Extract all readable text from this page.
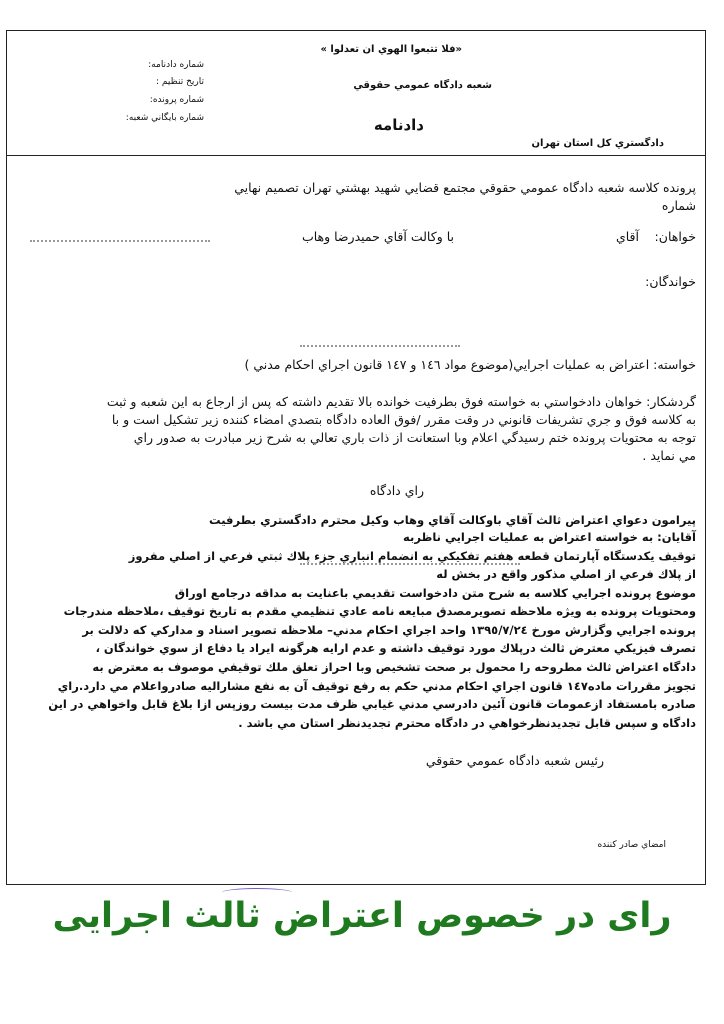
«فلا تتبعوا الهوي ان تعدلوا »
شعبه دادگاه عمومي حقوقي
دادنامه
دادگستري كل استان تهران
شماره دادنامه:
تاريخ تنظيم :
شماره پرونده:
شماره بايگاني شعبه:
پرونده كلاسه شعبه دادگاه عمومي حقوقي مجتمع قضايي شهيد بهشتي تهران تصميم نهايي
شماره
خواهان:
آقاي
با وكالت آقاي حميدرضا وهاب
خواندگان:
خواسته: اعتراض به عمليات اجرايي(موضوع مواد ١٤٦ و ١٤٧ قانون اجراي احكام مدني )
گردشكار: خواهان دادخواستي به خواسته فوق بطرفيت خوانده بالا تقديم داشته كه پس از ارجاع به اين شعبه و ثبت
به كلاسه فوق و جري تشريفات قانوني در وقت مقرر /فوق العاده دادگاه بتصدي امضاء كننده زير تشكيل است و با
توجه به محتويات پرونده ختم رسيدگي اعلام وبا استعانت از ذات باري تعالي به شرح زير مبادرت به صدور راي
مي نمايد .
راي دادگاه
پيرامون دعواي اعتراض ثالث آقاي باوكالت آقاي وهاب وكيل محترم دادگستري بطرفيت
آقايان: به خواسته اعتراض به عمليات اجرايي ناظربه
توقيف يكدستگاه آپارتمان قطعه هفتم تفكيكي به انضمام انباري جزء پلاك ثبتي فرعي از اصلي مفروز
از پلاك فرعي از اصلي مذكور واقع در بخش له
موضوع پرونده اجرايي كلاسه به شرح متن دادخواست تقديمي باعنايت به مداقه درجامع اوراق
ومحتويات پرونده به ويژه ملاحظه تصويرمصدق مبايعه نامه عادي تنظيمي مقدم به تاريخ توقيف ،ملاحظه مندرجات
پرونده اجرايي وگزارش مورخ ١٣٩٥/٧/٢٤ واحد اجراي احكام مدني– ملاحظه تصوير اسناد و مداركي كه دلالت بر
تصرف فيزيكي معترض ثالث درپلاك مورد توقيف داشته و عدم ارايه هرگونه ايراد يا دفاع از سوي خواندگان ،
دادگاه اعتراض ثالث مطروحه را محمول بر صحت تشخيص وبا احراز تعلق ملك توقيفي موصوف به معترض به
تجويز مقررات ماده١٤٧ قانون اجراي احكام مدني حكم به رفع توقيف آن به نفع مشاراليه صادرواعلام مي دارد.راي
صادره بامستفاد ازعمومات قانون آئين دادرسي مدني غيابي ظرف مدت بيست روزپس ازا بلاغ قابل واخواهي در اين
دادگاه و سپس قابل تجديدنظرخواهي در دادگاه محترم تجديدنظر استان مي باشد .
رئيس شعبه دادگاه عمومي حقوقي
امضاي صادر كننده
رای در خصوص اعتراض ثالث اجرایی
